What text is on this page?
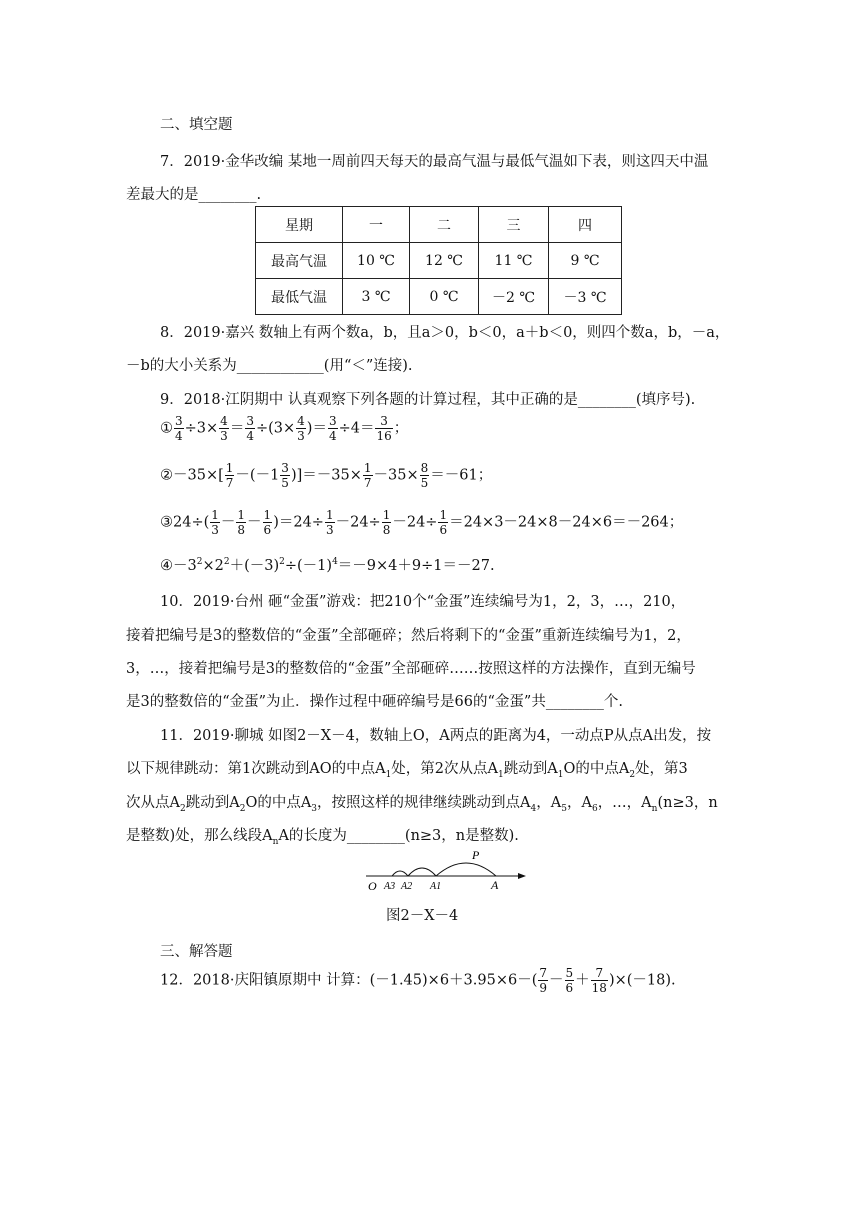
二、填空题
7．2019·金华改编 某地一周前四天每天的最高气温与最低气温如下表，则这四天中温
差最大的是________.
星期	一	二	三	四
最高气温	10 ℃	12 ℃	11 ℃	9 ℃
最低气温	3 ℃	0 ℃	－2 ℃	－3 ℃
8．2019·嘉兴 数轴上有两个数a，b，且a＞0，b＜0，a＋b＜0，则四个数a，b，－a，
－b的大小关系为____________(用“＜”连接).
9．2018·江阴期中 认真观察下列各题的计算过程，其中正确的是________(填序号).
① $\frac{3}{4} \div 3\times \frac{4}{3} = \frac{3}{4} \div(3\times \frac{4}{3}$ )＝ $\frac{3}{4} \div 4= \frac{3}{16}$ ；
②－35×[ $\frac{1}{7} -(-1 \frac{3}{5} )]=-35\times \frac{1}{7} -35\times \frac{8}{5} =-61$；
③24÷( $\frac{1}{3} - \frac{1}{8} - \frac{1}{6} )=24\div \frac{1}{3} -24\div \frac{1}{8} -24\div \frac{1}{6} =24\times 3-24\times 8-24\times 6=-264$；
$④-3^2\times 2^2+(-3)^2\div(-1)^4=-9\times 4+9\div 1=-27$.
10．2019·台州 砸“金蛋”游戏：把210个“金蛋”连续编号为1，2，3，…，210，
接着把编号是3的整数倍的“金蛋”全部砸碎；然后将剩下的“金蛋”重新连续编号为1，2，
3，…，接着把编号是3的整数倍的“金蛋”全部砸碎……按照这样的方法操作，直到无编号
是3的整数倍的“金蛋”为止．操作过程中砸碎编号是66的“金蛋”共________个.
11．2019·聊城 如图2－X－4，数轴上O，A两点的距离为4，一动点P从点A出发，按
以下规律跳动：第1次跳动到AO的中点$A_1$处，第2次从点$A_1$跳动到$A_1O$的中点$A_2$处，第3
次从点$A_2$跳动到$A_2O$的中点$A_3$，按照这样的规律继续跳动到点$A_4$，$A_5$，$A_6$，…，$A_n(n\ge 3$，n
是整数)处，那么线段$A_nA$的长度为________(n≥3，n是整数).
O A3 A2 A1	A
P
图2－X－4
三、解答题
12．2018·庆阳镇原期中 计算：$(-1.45)\times 6+3.95\times 6-( \frac{7}{9} - \frac{5}{6} + \frac{7}{18} )\times(-18)$.
